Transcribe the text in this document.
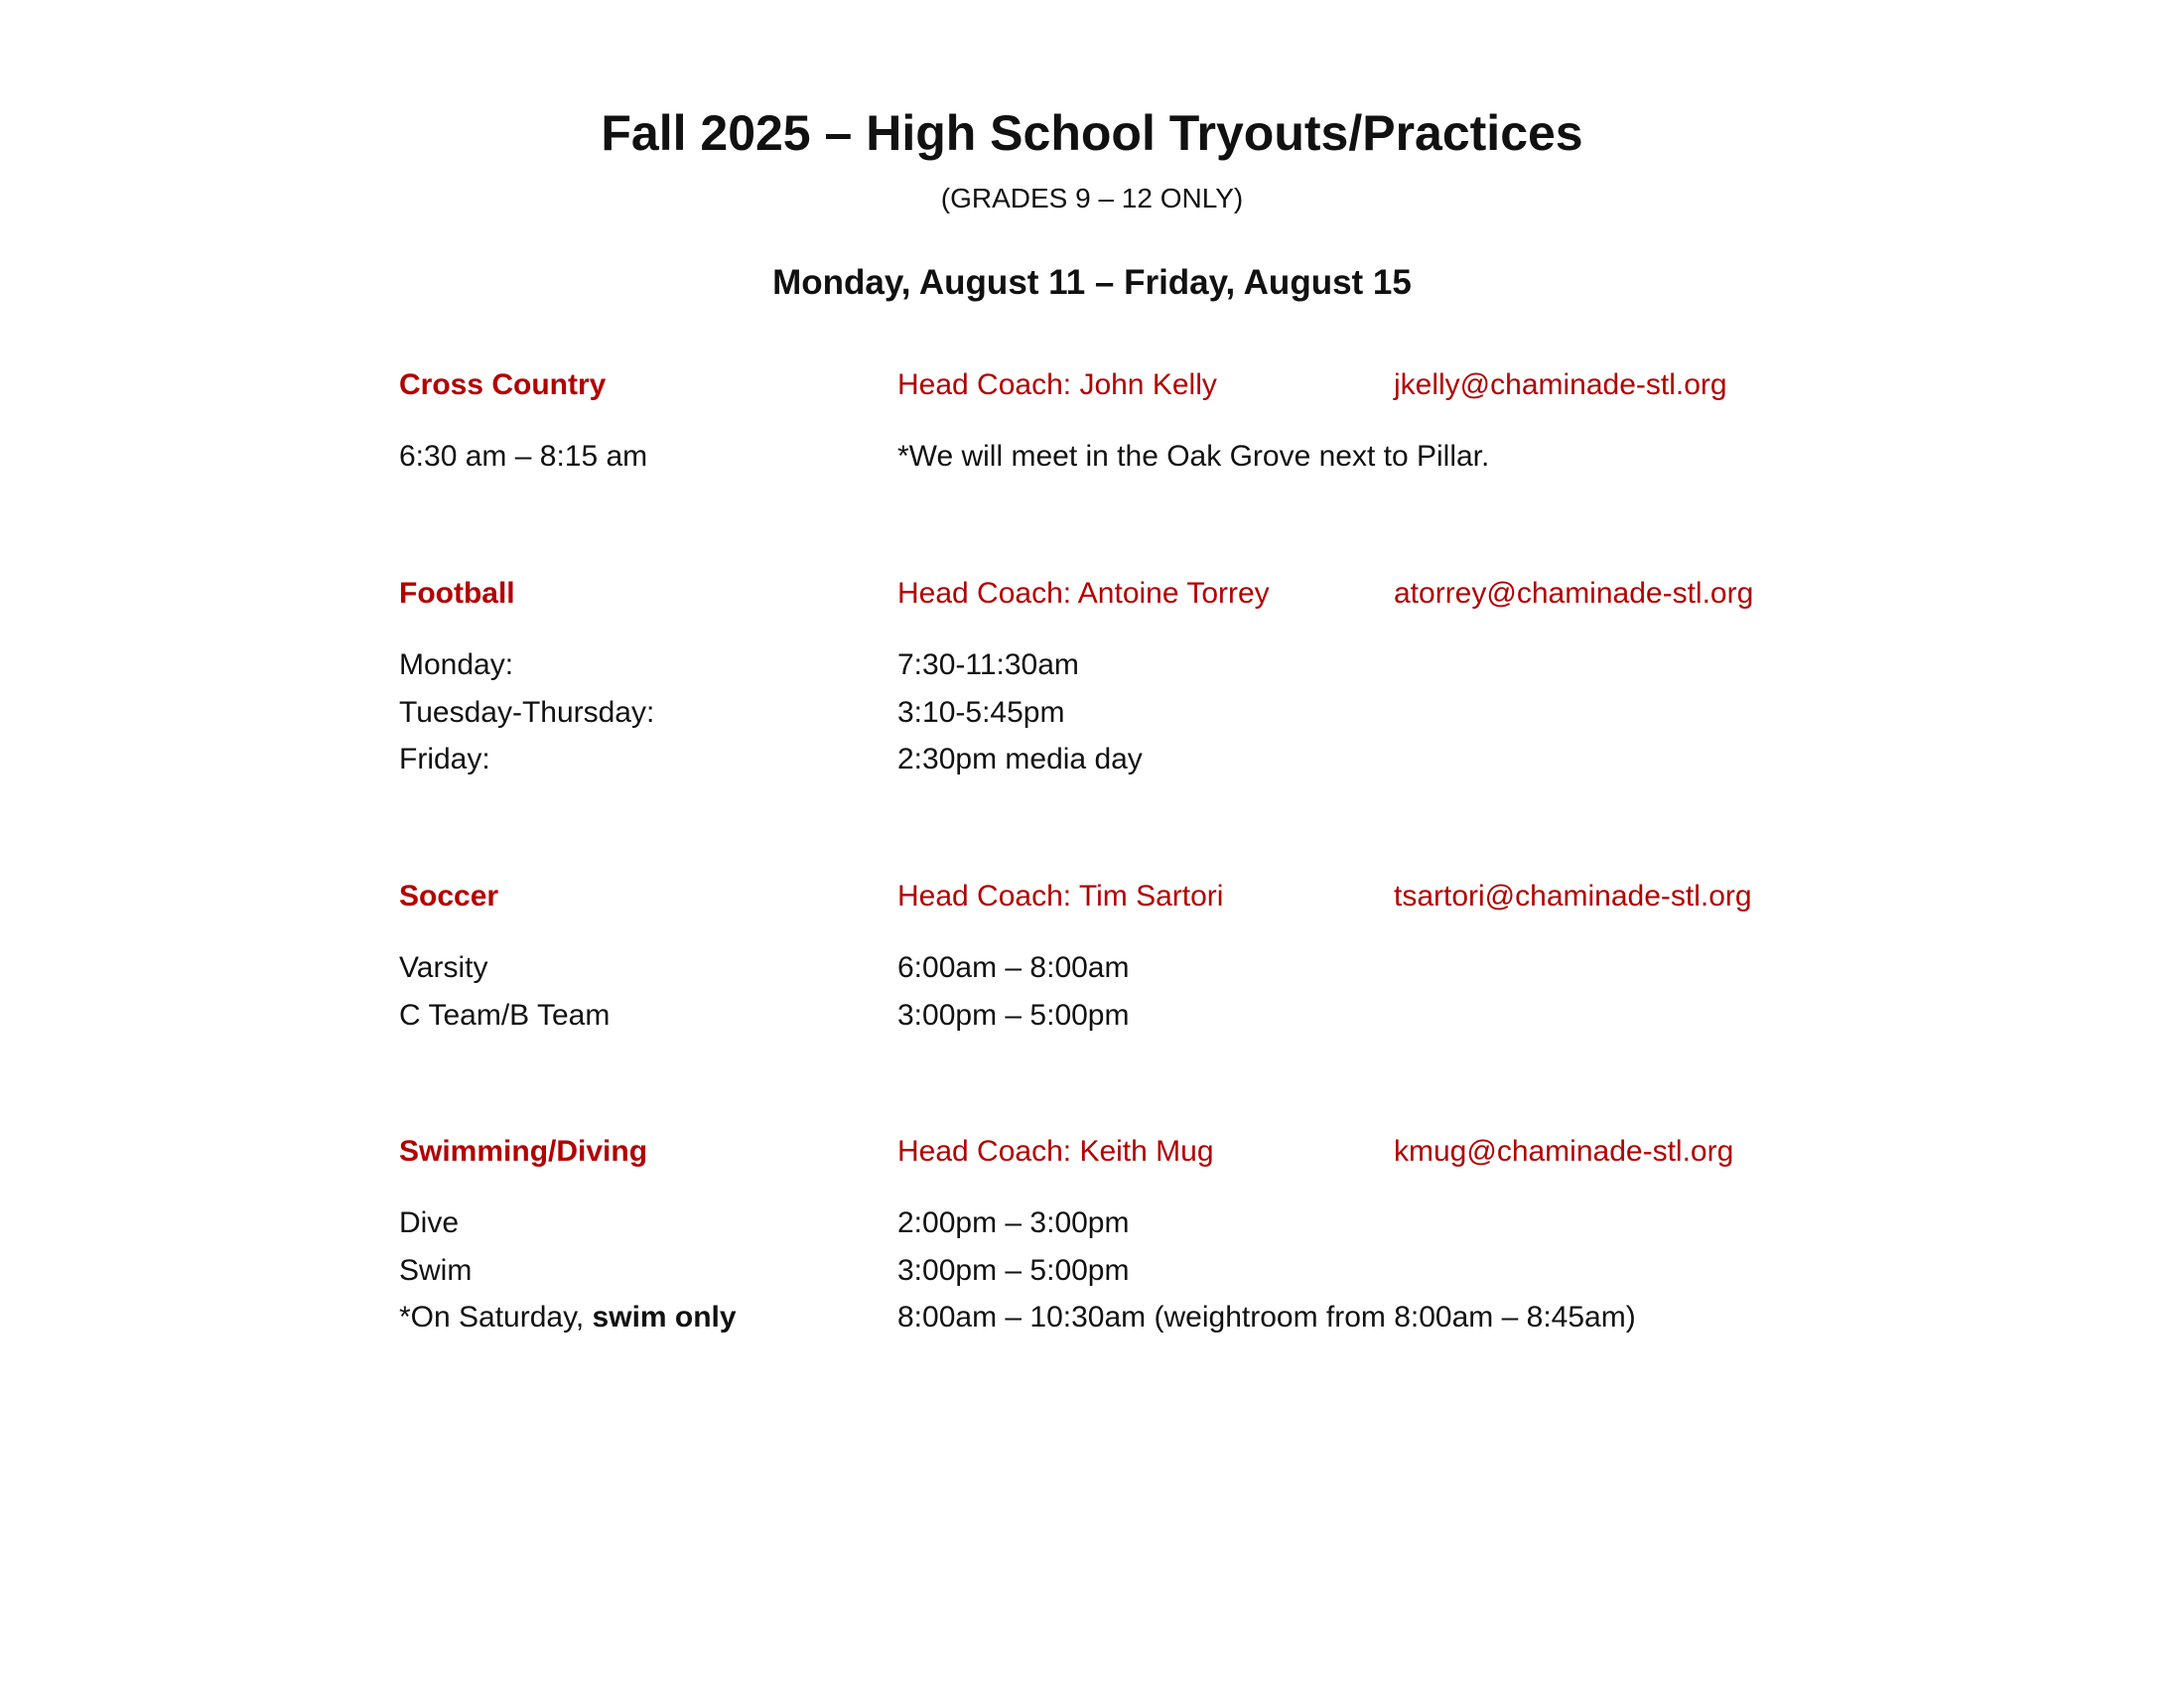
Fall 2025 – High School Tryouts/Practices
(GRADES 9 – 12 ONLY)
Monday, August 11 – Friday, August 15
Cross Country	Head Coach: John Kelly	jkelly@chaminade-stl.org
6:30 am – 8:15 am	*We will meet in the Oak Grove next to Pillar.
Football	Head Coach: Antoine Torrey	atorrey@chaminade-stl.org
Monday:	7:30-11:30am
Tuesday-Thursday:	3:10-5:45pm
Friday:	2:30pm media day
Soccer	Head Coach: Tim Sartori	tsartori@chaminade-stl.org
Varsity	6:00am – 8:00am
C Team/B Team	3:00pm – 5:00pm
Swimming/Diving	Head Coach: Keith Mug	kmug@chaminade-stl.org
Dive	2:00pm – 3:00pm
Swim	3:00pm – 5:00pm
*On Saturday, swim only	8:00am – 10:30am (weightroom from 8:00am – 8:45am)
